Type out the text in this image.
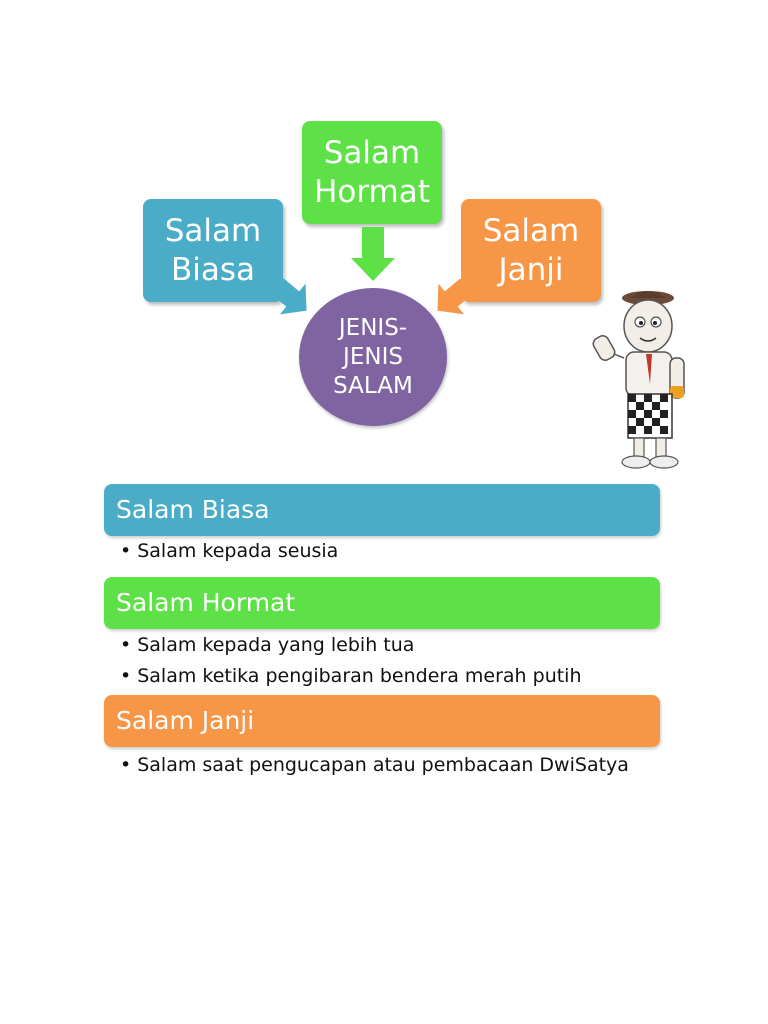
Salam
Hormat
Salam
Biasa
Salam
Janji
JENIS-
JENIS
SALAM
Salam Biasa
• Salam kepada seusia
Salam Hormat
• Salam kepada yang lebih tua
• Salam ketika pengibaran bendera merah putih
Salam Janji
• Salam saat pengucapan atau pembacaan DwiSatya
